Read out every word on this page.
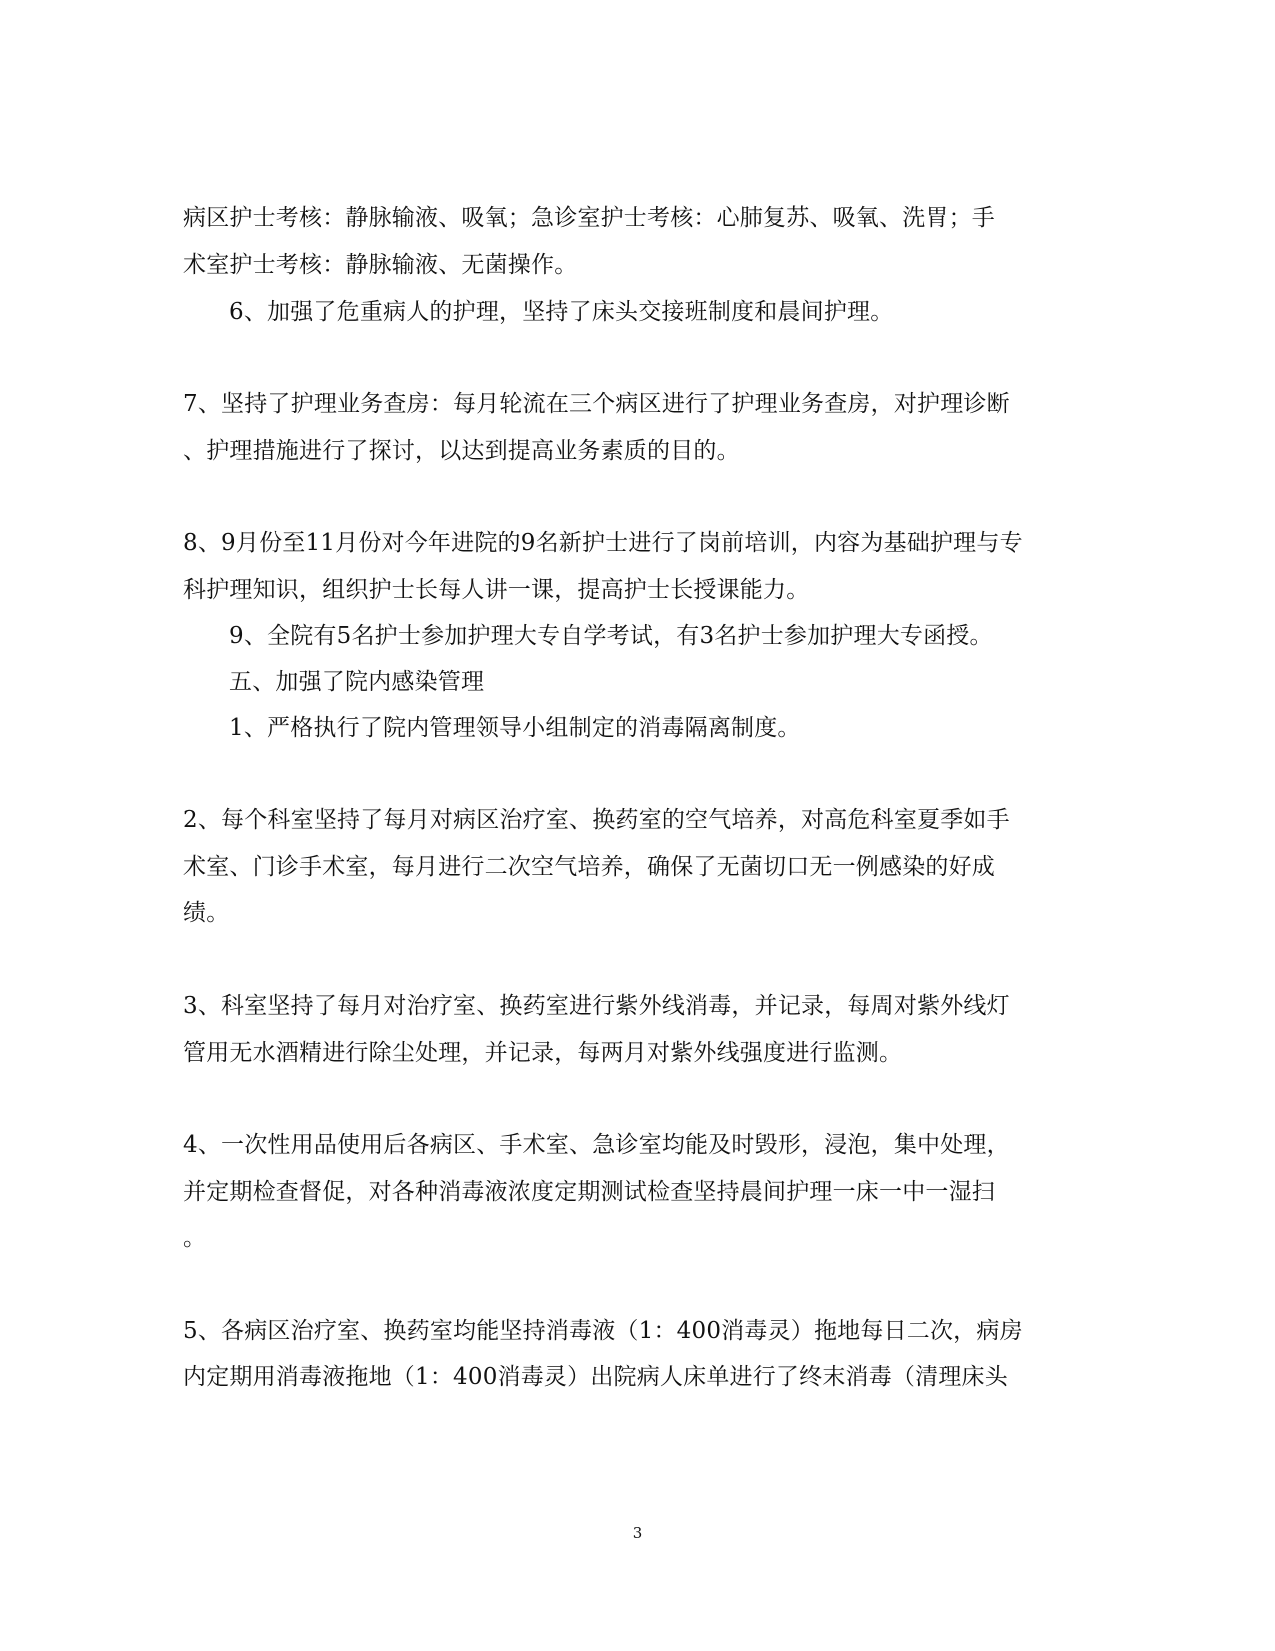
病区护士考核：静脉输液、吸氧；急诊室护士考核：心肺复苏、吸氧、洗胃；手
术室护士考核：静脉输液、无菌操作。
6、加强了危重病人的护理，坚持了床头交接班制度和晨间护理。
7、坚持了护理业务查房：每月轮流在三个病区进行了护理业务查房，对护理诊断
、护理措施进行了探讨，以达到提高业务素质的目的。
8、9月份至11月份对今年进院的9名新护士进行了岗前培训，内容为基础护理与专
科护理知识，组织护士长每人讲一课，提高护士长授课能力。
9、全院有5名护士参加护理大专自学考试，有3名护士参加护理大专函授。
五、加强了院内感染管理
1、严格执行了院内管理领导小组制定的消毒隔离制度。
2、每个科室坚持了每月对病区治疗室、换药室的空气培养，对高危科室夏季如手
术室、门诊手术室，每月进行二次空气培养，确保了无菌切口无一例感染的好成
绩。
3、科室坚持了每月对治疗室、换药室进行紫外线消毒，并记录，每周对紫外线灯
管用无水酒精进行除尘处理，并记录，每两月对紫外线强度进行监测。
4、一次性用品使用后各病区、手术室、急诊室均能及时毁形，浸泡，集中处理，
并定期检查督促，对各种消毒液浓度定期测试检查坚持晨间护理一床一中一湿扫
。
5、各病区治疗室、换药室均能坚持消毒液（1：400消毒灵）拖地每日二次，病房
内定期用消毒液拖地（1：400消毒灵）出院病人床单进行了终末消毒（清理床头
3
